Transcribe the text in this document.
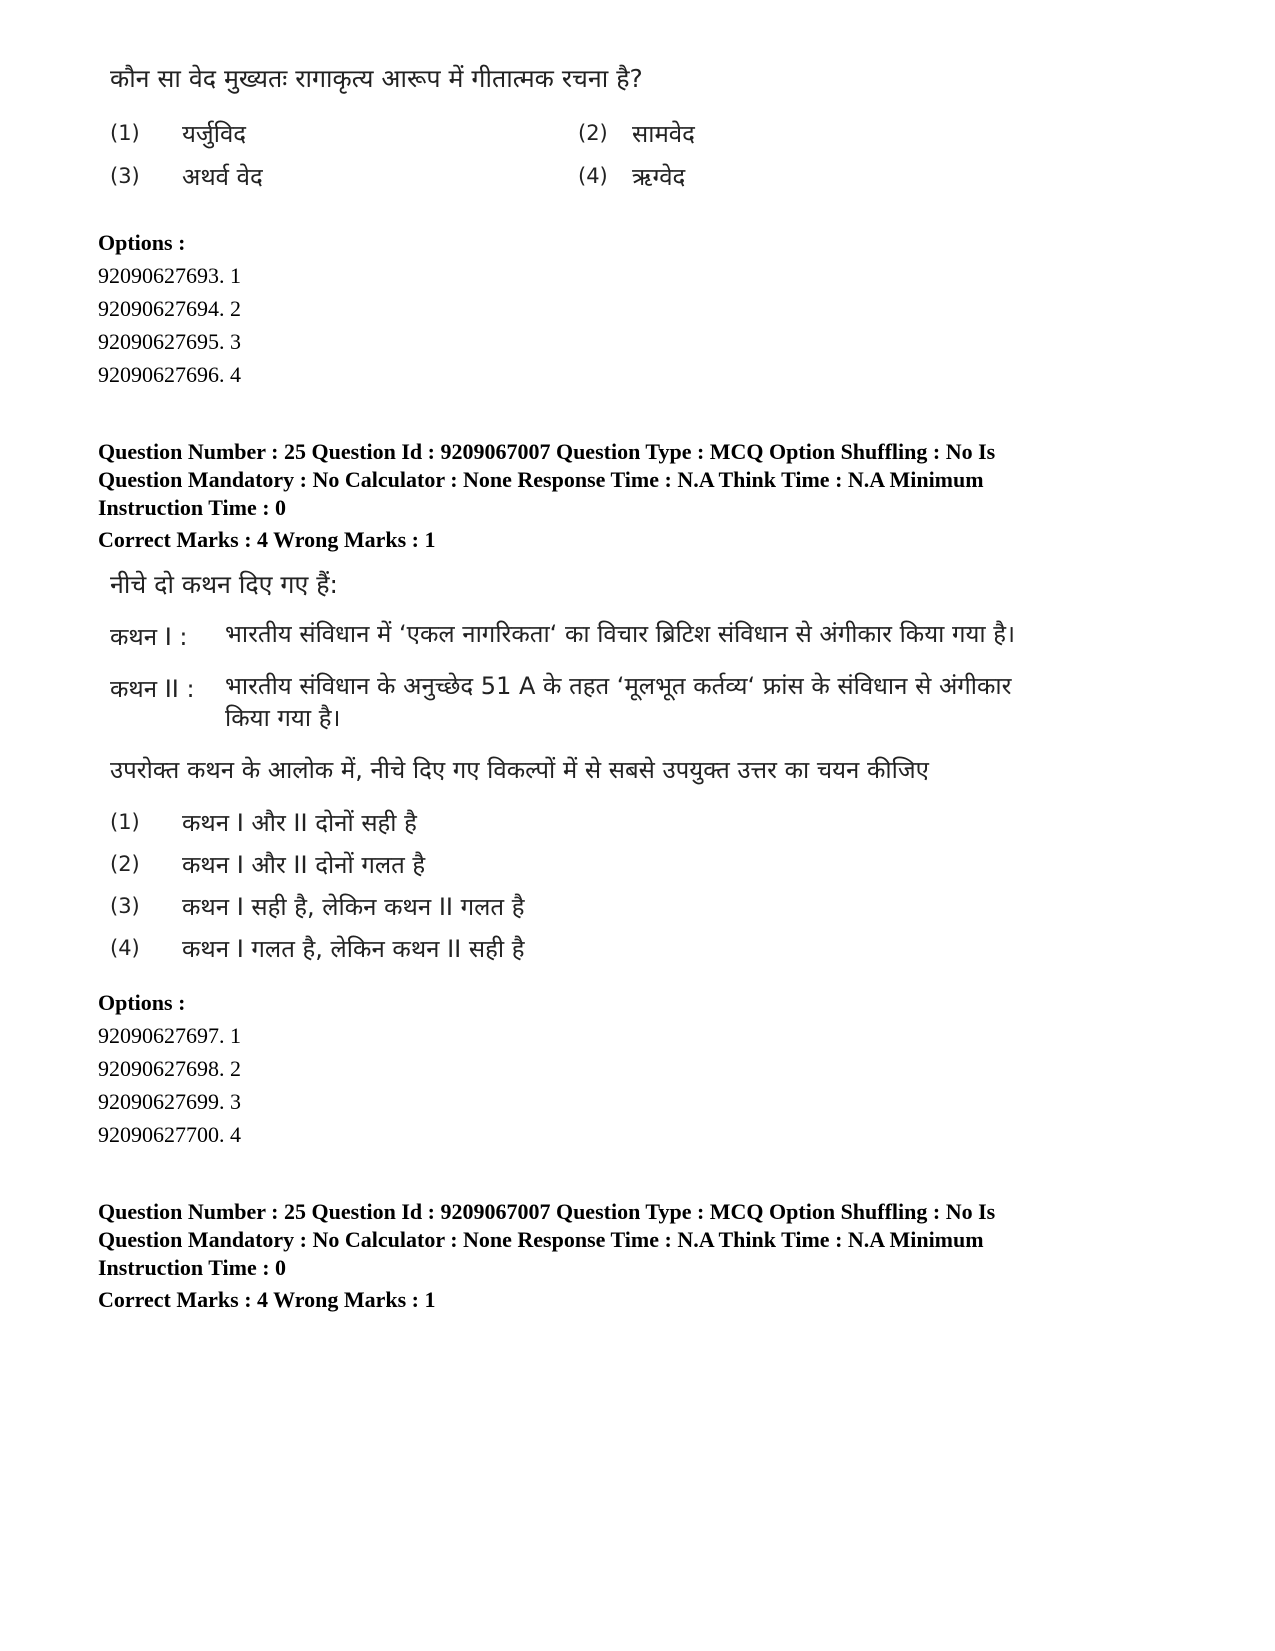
कौन सा वेद मुख्यतः रागाकृत्य आरूप में गीतात्मक रचना है?
(1) यर्जुविद	(2) सामवेद
(3) अथर्व वेद	(4) ऋग्वेद
Options :
92090627693. 1
92090627694. 2
92090627695. 3
92090627696. 4
Question Number : 25 Question Id : 9209067007 Question Type : MCQ Option Shuffling : No Is
Question Mandatory : No Calculator : None Response Time : N.A Think Time : N.A Minimum
Instruction Time : 0
Correct Marks : 4 Wrong Marks : 1
नीचे दो कथन दिए गए हैं:
कथन I : भारतीय संविधान में ‘एकल नागरिकता‘ का विचार ब्रिटिश संविधान से अंगीकार किया गया है।
कथन II : भारतीय संविधान के अनुच्छेद 51 A के तहत ‘मूलभूत कर्तव्य‘ फ्रांस के संविधान से अंगीकार
किया गया है।
उपरोक्त कथन के आलोक में, नीचे दिए गए विकल्पों में से सबसे उपयुक्त उत्तर का चयन कीजिए
(1) कथन I और II दोनों सही है
(2) कथन I और II दोनों गलत है
(3) कथन I सही है, लेकिन कथन II गलत है
(4) कथन I गलत है, लेकिन कथन II सही है
Options :
92090627697. 1
92090627698. 2
92090627699. 3
92090627700. 4
Question Number : 25 Question Id : 9209067007 Question Type : MCQ Option Shuffling : No Is
Question Mandatory : No Calculator : None Response Time : N.A Think Time : N.A Minimum
Instruction Time : 0
Correct Marks : 4 Wrong Marks : 1
